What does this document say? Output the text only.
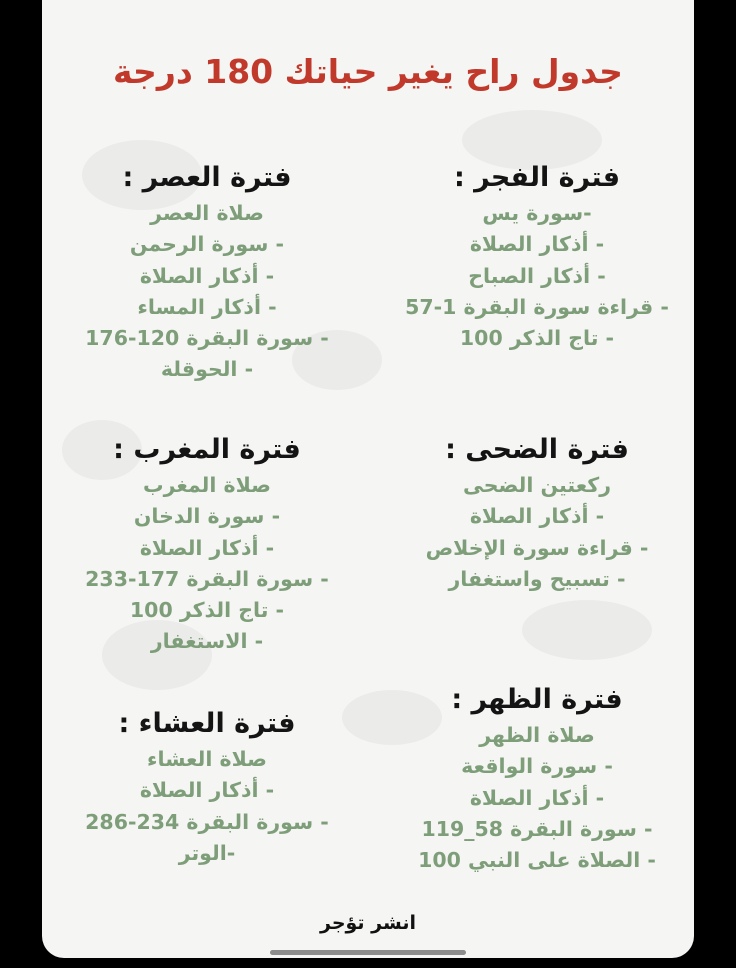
جدول راح يغير حياتك 180 درجة

فترة الفجر :

-سورة يس

- أذكار الصلاة

- أذكار الصباح

- قراءة سورة البقرة 1-57

- تاج الذكر 100

فترة العصر :

صلاة العصر

- سورة الرحمن

- أذكار الصلاة

- أذكار المساء

- سورة البقرة 120-176

- الحوقلة

فترة الضحى :

ركعتين الضحى

- أذكار الصلاة

- قراءة سورة الإخلاص

- تسبيح واستغفار

فترة المغرب :

صلاة المغرب

- سورة الدخان

- أذكار الصلاة

- سورة البقرة 177-233

- تاج الذكر 100

- الاستغفار

فترة الظهر :

صلاة الظهر

- سورة الواقعة

- أذكار الصلاة

- سورة البقرة 58_119

- الصلاة على النبي 100

فترة العشاء :

صلاة العشاء

- أذكار الصلاة

- سورة البقرة 234-286

-الوتر

انشر تؤجر
